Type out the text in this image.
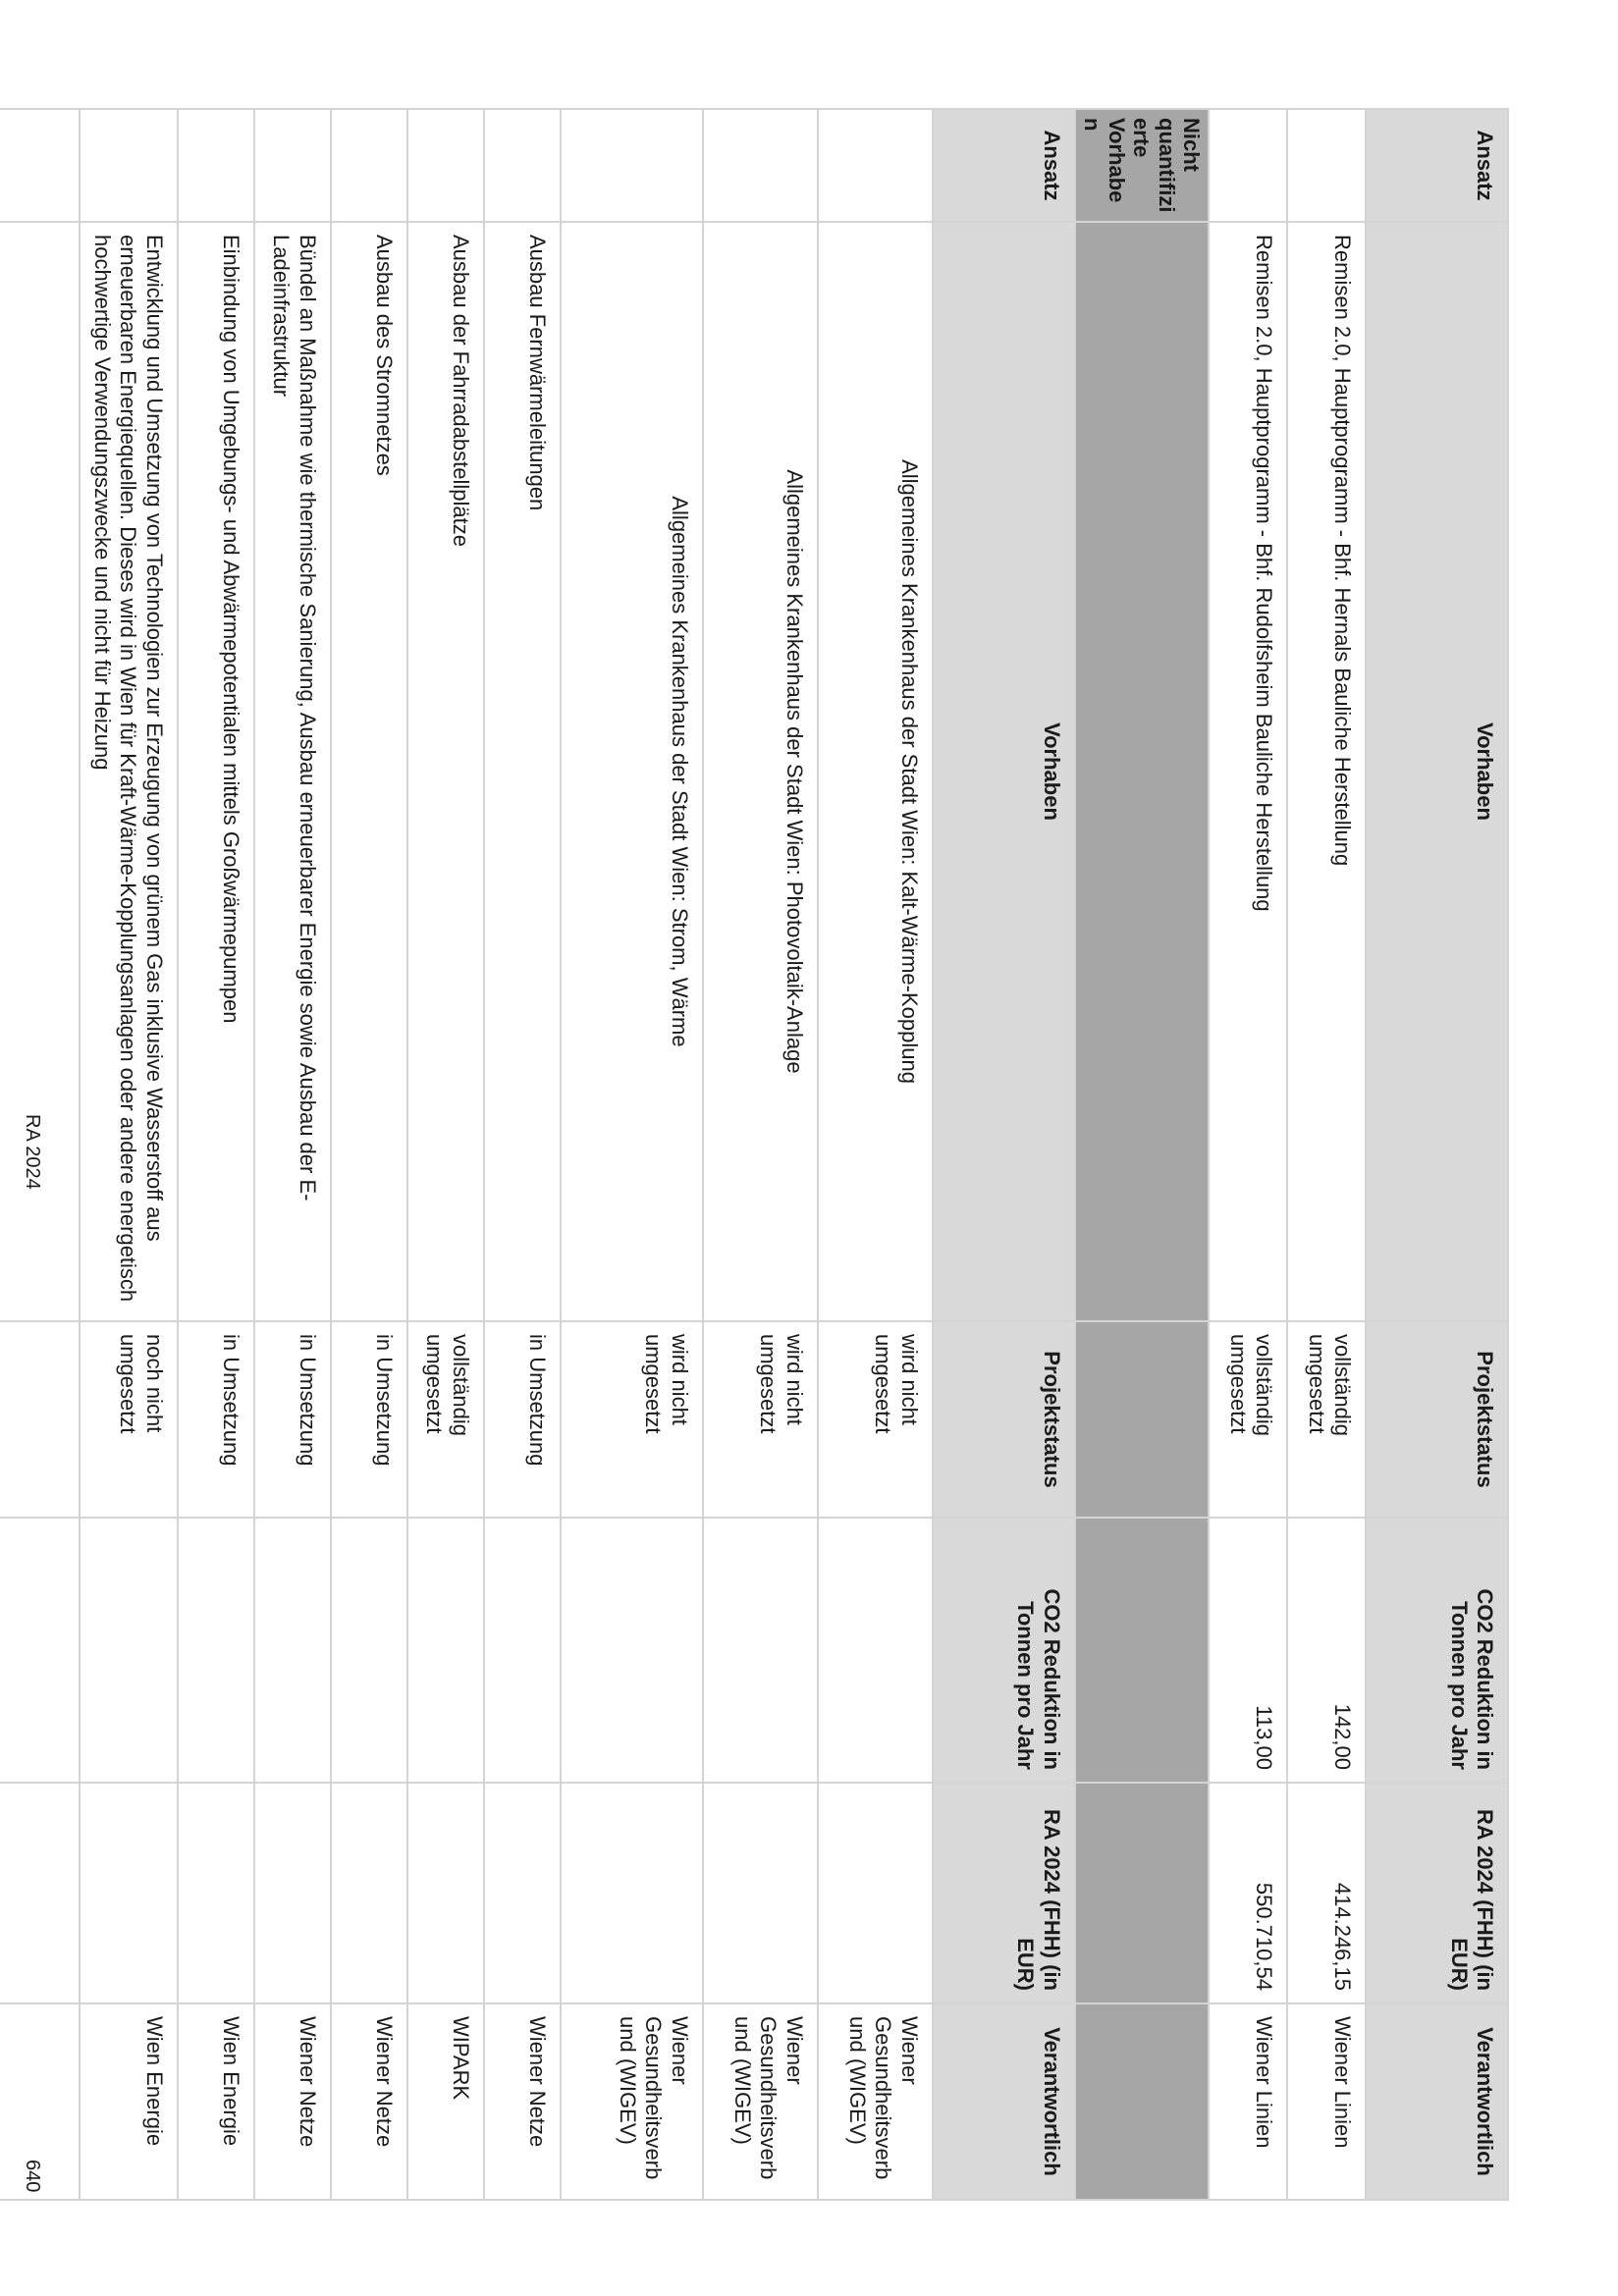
Ansatz	Vorhaben	Projektstatus	CO2 Reduktion in Tonnen pro Jahr	RA 2024 (FHH) (in EUR)	Verantwortlich
	Remisen 2.0, Hauptprogramm - Bhf. Hernals Bauliche Herstellung	vollständig umgesetzt	142,00	414.246,15	Wiener Linien
	Remisen 2.0, Hauptprogramm - Bhf. Rudolfsheim Bauliche Herstellung	vollständig umgesetzt	113,00	550.710,54	Wiener Linien
Nicht quantifizierte Vorhaben					
Ansatz	Vorhaben	Projektstatus	CO2 Reduktion in Tonnen pro Jahr	RA 2024 (FHH) (in EUR)	Verantwortlich
	Allgemeines Krankenhaus der Stadt Wien: Kalt-Wärme-Kopplung	wird nicht umgesetzt			Wiener Gesundheitsverbund (WIGEV)
	Allgemeines Krankenhaus der Stadt Wien: Photovoltaik-Anlage	wird nicht umgesetzt			Wiener Gesundheitsverbund (WIGEV)
	Allgemeines Krankenhaus der Stadt Wien: Strom, Wärme	wird nicht umgesetzt			Wiener Gesundheitsverbund (WIGEV)
	Ausbau Fernwärmeleitungen	in Umsetzung			Wiener Netze
	Ausbau der Fahrradabstellplätze	vollständig umgesetzt			WIPARK
	Ausbau des Stromnetzes	in Umsetzung			Wiener Netze
	Bündel an Maßnahme wie thermische Sanierung, Ausbau erneuerbarer Energie sowie Ausbau der E-Ladeinfrastruktur	in Umsetzung			Wiener Netze
	Einbindung von Umgebungs- und Abwärmepotentialen mittels Großwärmepumpen	in Umsetzung			Wien Energie
	Entwicklung und Umsetzung von Technologien zur Erzeugung von grünem Gas inklusive Wasserstoff aus erneuerbaren Energiequellen. Dieses wird in Wien für Kraft-Wärme-Kopplungsanlagen oder andere energetisch hochwertige Verwendungszwecke und nicht für Heizung	noch nicht umgesetzt			Wien Energie

RA 2024
640
